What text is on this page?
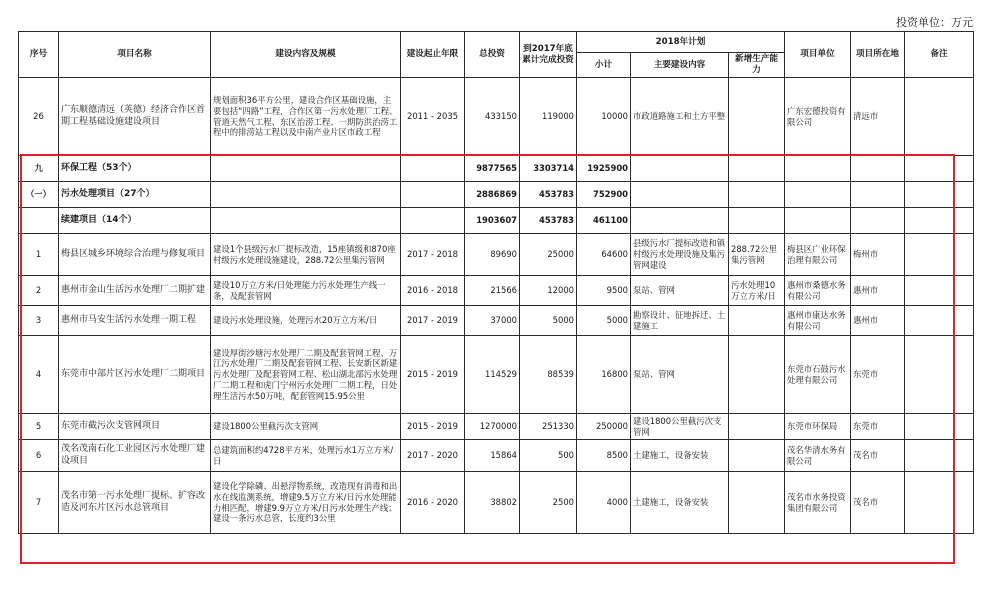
投资单位：万元
序号	项目名称	建设内容及规模	建设起止年限	总投资	到2017年底累计完成投资	2018年计划			项目单位	项目所在地	备注
						小计	主要建设内容	新增生产能力			
26	广东顺德清远（英德）经济合作区首期工程基础设施建设项目	规划面积36平方公里，建设合作区基础设施，主要包括“四路”工程，合作区第一污水处理厂工程、管道天然气工程、东区治涝工程、一期防洪治涝工程中的排涝站工程以及中南产业片区市政工程	2011 - 2035	433150	119000	10000	市政道路施工和土方平整		广东宏德投资有限公司	清远市	
九	环保工程（53个）			9877565	3303714	1925900					
（一）	污水处理项目（27个）			2886869	453783	752900					
	续建项目（14个）			1903607	453783	461100					
1	梅县区城乡环境综合治理与修复项目	建设1个县级污水厂提标改造，15座镇级和870座村级污水处理设施建设，288.72公里集污管网	2017 - 2018	89690	25000	64600	县级污水厂提标改造和镇村级污水处理设施及集污管网建设	288.72公里集污管网	梅县区广业环保治理有限公司	梅州市	
2	惠州市金山生活污水处理厂二期扩建	建设10万立方米/日处理能力污水处理生产线一条，及配套管网	2016 - 2018	21566	12000	9500	泵站、管网	污水处理10万立方米/日	惠州市桑德水务有限公司	惠州市	
3	惠州市马安生活污水处理一期工程	建设污水处理设施，处理污水20万立方米/日	2017 - 2019	37000	5000	5000	勘察设计、征地拆迁、土建施工		惠州市康达水务有限公司	惠州市	
4	东莞市中部片区污水处理厂二期项目	建设厚街沙塘污水处理厂二期及配套管网工程、万江污水处理厂二期及配套管网工程、长安新区新建污水处理厂及配套管网工程、松山湖北部污水处理厂二期工程和虎门宁州污水处理厂二期工程，日处理生活污水50万吨，配套管网15.95公里	2015 - 2019	114529	88539	16800	泵站、管网		东莞市石鼓污水处理有限公司	东莞市	
5	东莞市截污次支管网项目	建设1800公里截污次支管网	2015 - 2019	1270000	251330	250000	建设1800公里截污次支管网		东莞市环保局	东莞市	
6	茂名茂南石化工业园区污水处理厂建设项目	总建筑面积约4728平方米，处理污水1万立方米/日	2017 - 2020	15864	500	8500	土建施工，设备安装		茂名华清水务有限公司	茂名市	
7	茂名市第一污水处理厂提标、扩容改造及河东片区污水总管项目	建设化学除磷、出悬浮物系统，改造现有消毒和出水在线监测系统，增建9.5万立方米/日污水处理能力相匹配，增建9.9万立方米/日污水处理生产线；建设一条污水总管，长度约3公里	2016 - 2020	38802	2500	4000	土建施工，设备安装		茂名市水务投资集团有限公司	茂名市	
